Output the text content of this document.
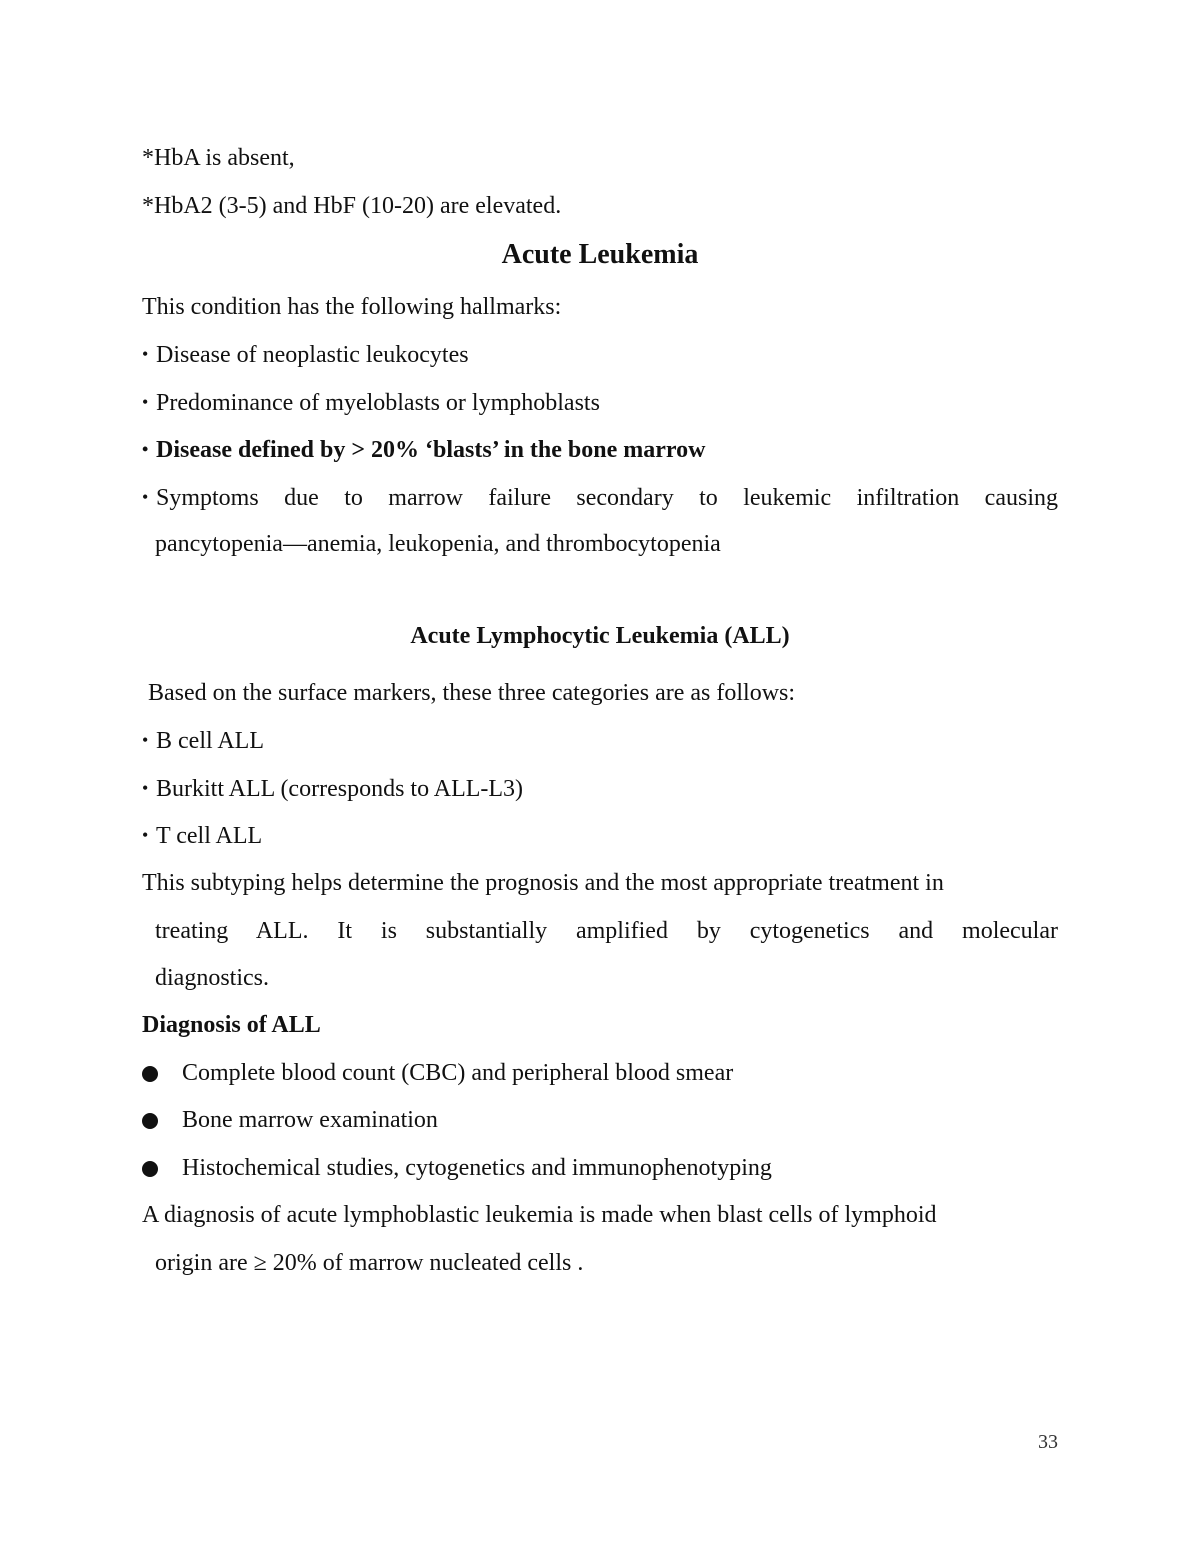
*HbA is absent,
*HbA2 (3-5) and HbF (10-20) are elevated.
Acute Leukemia
This condition has the following hallmarks:
• Disease of neoplastic leukocytes
• Predominance of myeloblasts or lymphoblasts
• Disease defined by > 20% ‘blasts’ in the bone marrow
• Symptoms due to marrow failure secondary to leukemic infiltration causing
pancytopenia—anemia, leukopenia, and thrombocytopenia
Acute Lymphocytic Leukemia (ALL)
Based on the surface markers, these three categories are as follows:
• B cell ALL
• Burkitt ALL (corresponds to ALL-L3)
• T cell ALL
This subtyping helps determine the prognosis and the most appropriate treatment in
treating ALL. It is substantially amplified by cytogenetics and molecular
diagnostics.
Diagnosis of ALL
Complete blood count (CBC) and peripheral blood smear
Bone marrow examination
Histochemical studies, cytogenetics and immunophenotyping
A diagnosis of acute lymphoblastic leukemia is made when blast cells of lymphoid
origin are ≥ 20% of marrow nucleated cells .
33
